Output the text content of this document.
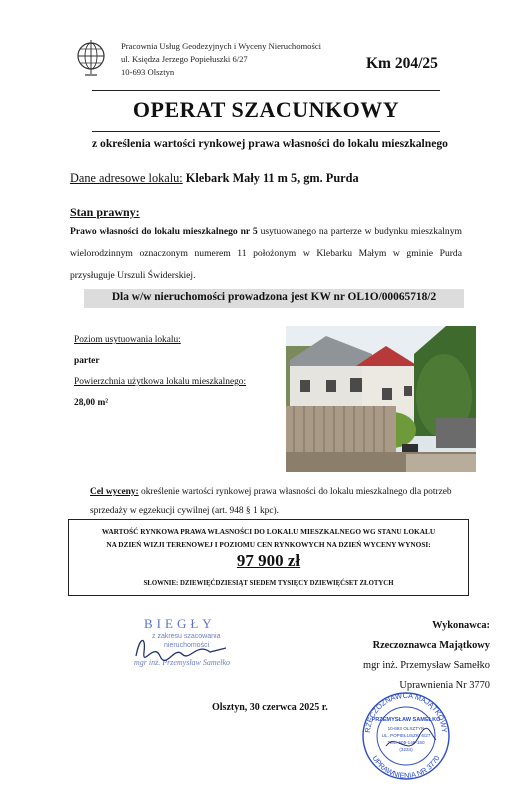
Pracownia Usług Geodezyjnych i Wyceny Nieruchomości
ul. Księdza Jerzego Popiełuszki 6/27
10-693 Olsztyn	Km 204/25
OPERAT SZACUNKOWY
z określenia wartości rynkowej prawa własności do lokalu mieszkalnego
Dane adresowe lokalu: Klebark Mały 11 m 5, gm. Purda
Stan prawny:
Prawo własności do lokalu mieszkalnego nr 5 usytuowanego na parterze w budynku mieszkalnym wielorodzinnym oznaczonym numerem 11 położonym w Klebarku Małym w gminie Purda przysługuje Urszuli Świderskiej.
Dla w/w nieruchomości prowadzona jest KW nr OL1O/00065718/2
Poziom usytuowania lokalu:
parter
Powierzchnia użytkowa lokalu mieszkalnego:
28,00 m²
Cel wyceny: określenie wartości rynkowej prawa własności do lokalu mieszkalnego dla potrzeb sprzedaży w egzekucji cywilnej (art. 948 § 1 kpc).
WARTOŚĆ RYNKOWA PRAWA WŁASNOŚCI DO LOKALU MIESZKALNEGO WG STANU LOKALU
NA DZIEŃ WIZJI TERENOWEJ I POZIOMU CEN RYNKOWYCH NA DZIEŃ WYCENY WYNOSI:
97 900 zł
SŁOWNIE: DZIEWIĘĆDZIESIĄT SIEDEM TYSIĘCY DZIEWIĘĆSET ZŁOTYCH
BIEGŁY
z zakresu szacowania
nieruchomości
mgr inż. Przemysław Samełko
Wykonawca:
Rzeczoznawca Majątkowy
mgr inż. Przemysław Samełko
Uprawnienia Nr 3770
Olsztyn, 30 czerwca 2025 r.
RZECZOZNAWCA MAJĄTKOWY
UPRAWNIENIA NR 3770
PRZEMYSŁAW SAMEŁKO
10-693 OLSZTYN
UL. POPIEŁUSZKI 6/27
TEL. 505-148-150
(3234)
